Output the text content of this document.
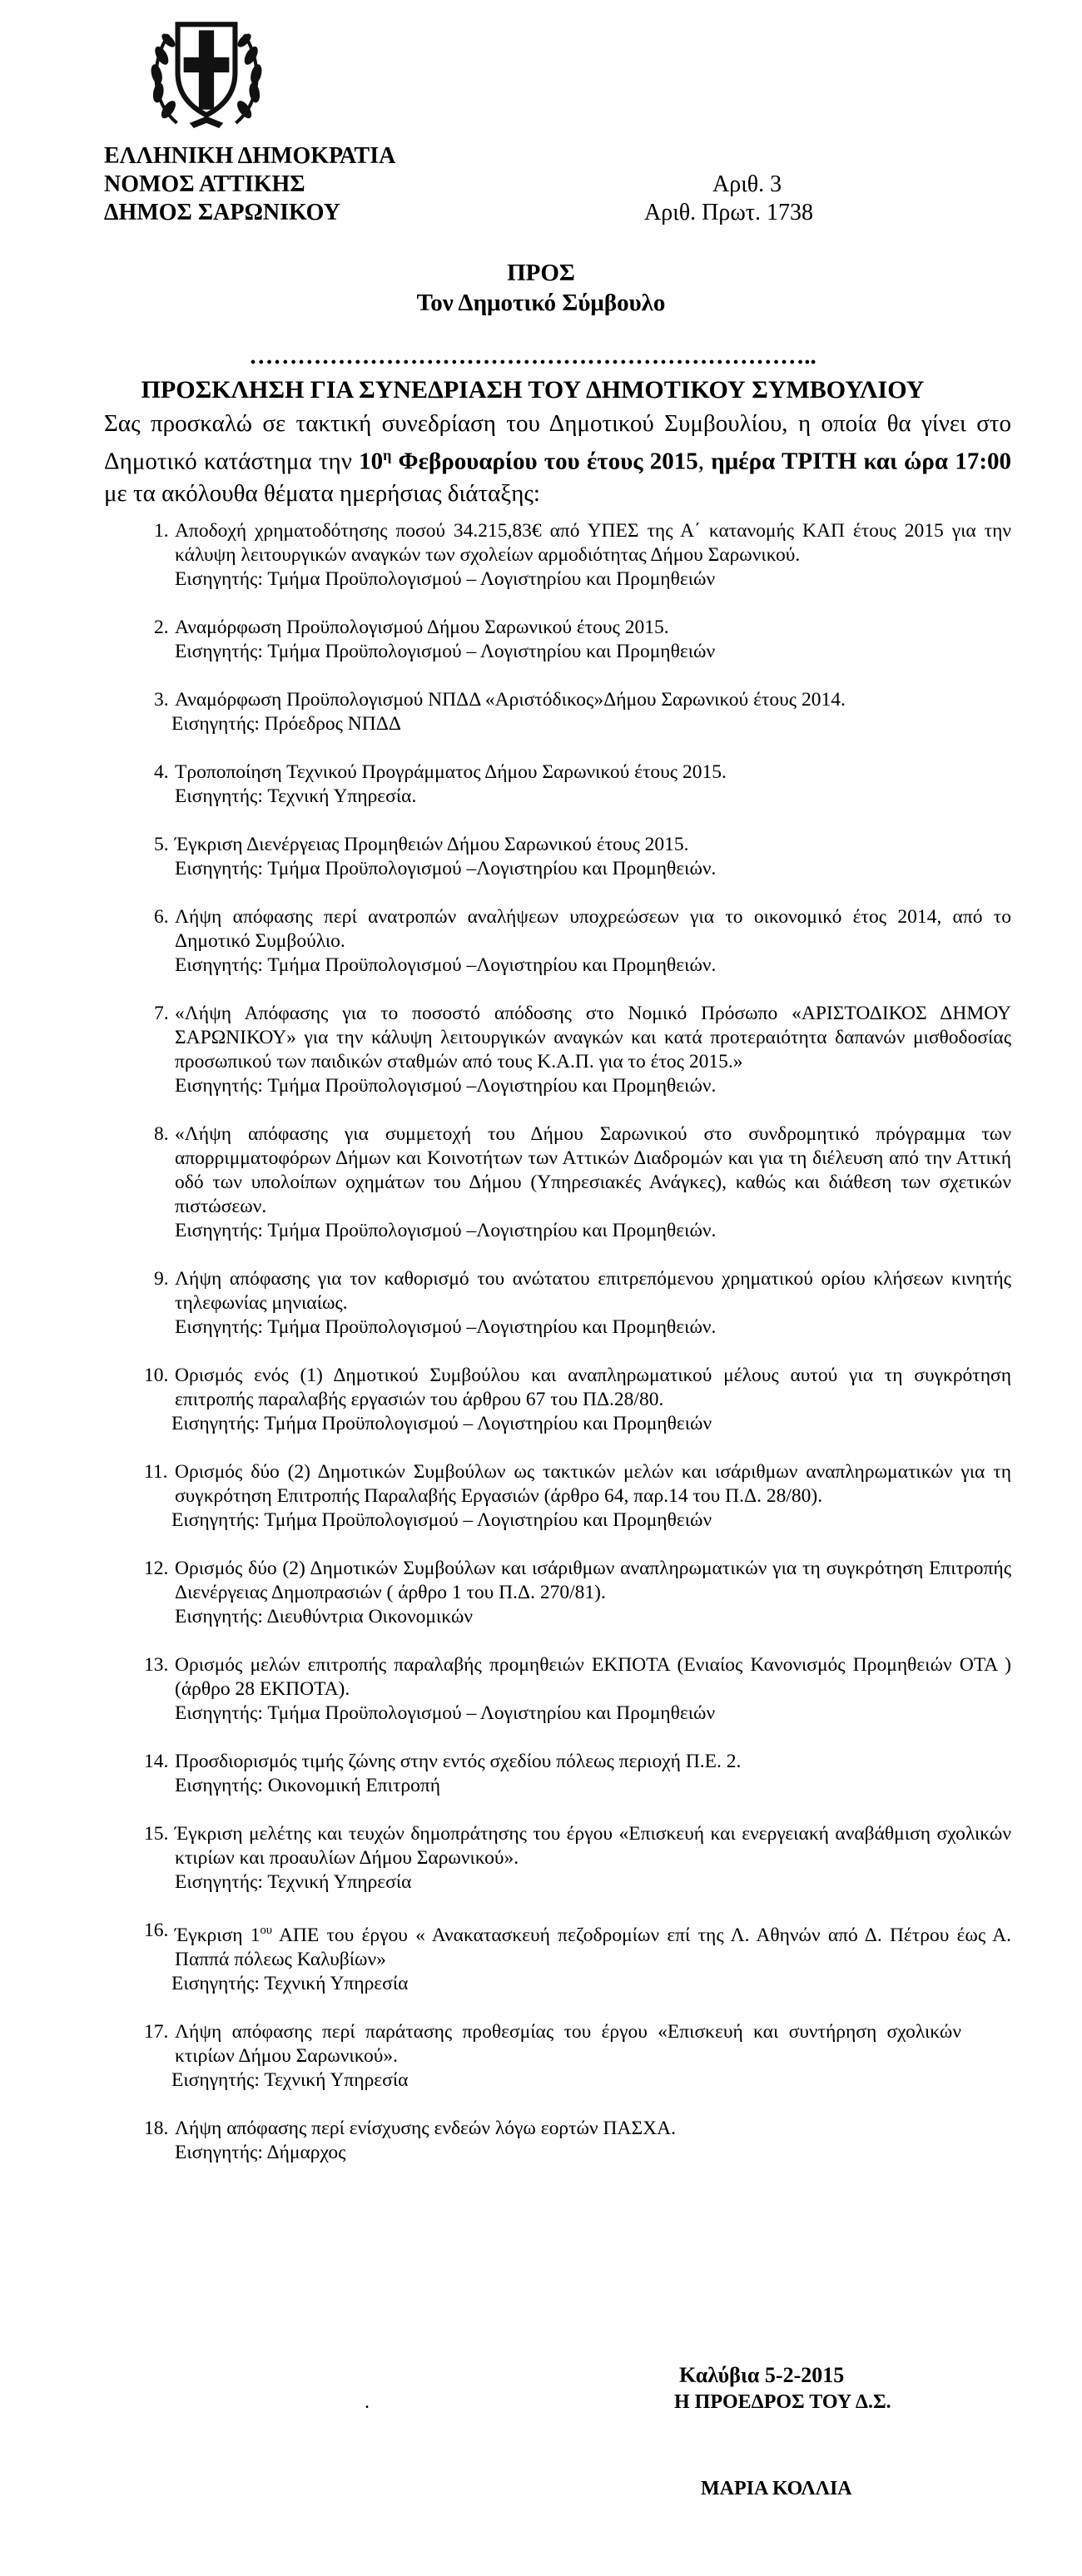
ΕΛΛΗΝΙΚΗ ΔΗΜΟΚΡΑΤΙΑ
ΝΟΜΟΣ ΑΤΤΙΚΗΣ
ΔΗΜΟΣ ΣΑΡΩΝΙΚΟΥ
Αριθ. 3
Αριθ. Πρωτ. 1738
ΠΡΟΣ
Τον Δημοτικό Σύμβουλο
……………………………………………………………..
ΠΡΟΣΚΛΗΣΗ ΓΙΑ ΣΥΝΕΔΡΙΑΣΗ ΤΟΥ ΔΗΜΟΤΙΚΟΥ ΣΥΜΒΟΥΛΙΟΥ

Σας προσκαλώ σε τακτική συνεδρίαση του Δημοτικού Συμβουλίου, η οποία θα γίνει στο Δημοτικό κατάστημα την $10^\eta$ Φεβρουαρίου του έτους 2015, ημέρα ΤΡΙΤΗ και ώρα 17:00 με τα ακόλουθα θέματα ημερήσιας διάταξης:

1. Αποδοχή χρηματοδότησης ποσού 34.215,83€ από ΥΠΕΣ της Α΄ κατανομής ΚΑΠ έτους 2015 για την κάλυψη λειτουργικών αναγκών των σχολείων αρμοδιότητας Δήμου Σαρωνικού.
Εισηγητής: Τμήμα Προϋπολογισμού – Λογιστηρίου και Προμηθειών
2. Αναμόρφωση Προϋπολογισμού Δήμου Σαρωνικού έτους 2015.
Εισηγητής: Τμήμα Προϋπολογισμού – Λογιστηρίου και Προμηθειών
3. Αναμόρφωση Προϋπολογισμού ΝΠΔΔ «Αριστόδικος»Δήμου Σαρωνικού έτους 2014.
Εισηγητής: Πρόεδρος ΝΠΔΔ
4. Τροποποίηση Τεχνικού Προγράμματος Δήμου Σαρωνικού έτους 2015.
Εισηγητής: Τεχνική Υπηρεσία.
5. Έγκριση Διενέργειας Προμηθειών Δήμου Σαρωνικού έτους 2015.
Εισηγητής: Τμήμα Προϋπολογισμού –Λογιστηρίου και Προμηθειών.
6. Λήψη απόφασης περί ανατροπών αναλήψεων υποχρεώσεων για το οικονομικό έτος 2014, από το Δημοτικό Συμβούλιο.
Εισηγητής: Τμήμα Προϋπολογισμού –Λογιστηρίου και Προμηθειών.
7. «Λήψη Απόφασης για το ποσοστό απόδοσης στο Νομικό Πρόσωπο «ΑΡΙΣΤΟΔΙΚΟΣ ΔΗΜΟΥ ΣΑΡΩΝΙΚΟΥ» για την κάλυψη λειτουργικών αναγκών και κατά προτεραιότητα δαπανών μισθοδοσίας προσωπικού των παιδικών σταθμών από τους Κ.Α.Π. για το έτος 2015.»
Εισηγητής: Τμήμα Προϋπολογισμού –Λογιστηρίου και Προμηθειών.
8. «Λήψη απόφασης για συμμετοχή του Δήμου Σαρωνικού στο συνδρομητικό πρόγραμμα των απορριμματοφόρων Δήμων και Κοινοτήτων των Αττικών Διαδρομών και για τη διέλευση από την Αττική οδό των υπολοίπων οχημάτων του Δήμου (Υπηρεσιακές Ανάγκες), καθώς και διάθεση των σχετικών πιστώσεων.
Εισηγητής: Τμήμα Προϋπολογισμού –Λογιστηρίου και Προμηθειών.
9. Λήψη απόφασης για τον καθορισμό του ανώτατου επιτρεπόμενου χρηματικού ορίου κλήσεων κινητής τηλεφωνίας μηνιαίως.
Εισηγητής: Τμήμα Προϋπολογισμού –Λογιστηρίου και Προμηθειών.
10. Ορισμός ενός (1) Δημοτικού Συμβούλου και αναπληρωματικού μέλους αυτού για τη συγκρότηση επιτροπής παραλαβής εργασιών του άρθρου 67 του ΠΔ.28/80.
Εισηγητής: Τμήμα Προϋπολογισμού – Λογιστηρίου και Προμηθειών
11. Ορισμός δύο (2) Δημοτικών Συμβούλων ως τακτικών μελών και ισάριθμων αναπληρωματικών για τη συγκρότηση Επιτροπής Παραλαβής Εργασιών (άρθρο 64, παρ.14 του Π.Δ. 28/80).
Εισηγητής: Τμήμα Προϋπολογισμού – Λογιστηρίου και Προμηθειών
12. Ορισμός δύο (2) Δημοτικών Συμβούλων και ισάριθμων αναπληρωματικών για τη συγκρότηση Επιτροπής Διενέργειας Δημοπρασιών ( άρθρο 1 του Π.Δ. 270/81).
Εισηγητής: Διευθύντρια Οικονομικών
13. Ορισμός μελών επιτροπής παραλαβής προμηθειών ΕΚΠΟΤΑ (Ενιαίος Κανονισμός Προμηθειών ΟΤΑ ) (άρθρο 28 ΕΚΠΟΤΑ).
Εισηγητής: Τμήμα Προϋπολογισμού – Λογιστηρίου και Προμηθειών
14. Προσδιορισμός τιμής ζώνης στην εντός σχεδίου πόλεως περιοχή Π.Ε. 2.
Εισηγητής: Οικονομική Επιτροπή
15. Έγκριση μελέτης και τευχών δημοπράτησης του έργου «Επισκευή και ενεργειακή αναβάθμιση σχολικών κτιρίων και προαυλίων Δήμου Σαρωνικού».
Εισηγητής: Τεχνική Υπηρεσία
16. Έγκριση $1^{o\upsilon}$ ΑΠΕ του έργου « Ανακατασκευή πεζοδρομίων επί της Λ. Αθηνών από Δ. Πέτρου έως Α. Παππά πόλεως Καλυβίων»
Εισηγητής: Τεχνική Υπηρεσία
17. Λήψη απόφασης περί παράτασης προθεσμίας του έργου «Επισκευή και συντήρηση σχολικών κτιρίων Δήμου Σαρωνικού».
Εισηγητής: Τεχνική Υπηρεσία
18. Λήψη απόφασης περί ενίσχυσης ενδεών λόγω εορτών ΠΑΣΧΑ.
Εισηγητής: Δήμαρχος
Καλύβια 5-2-2015
.	Η ΠΡΟΕΔΡΟΣ ΤΟΥ Δ.Σ.
ΜΑΡΙΑ ΚΟΛΛΙΑ
